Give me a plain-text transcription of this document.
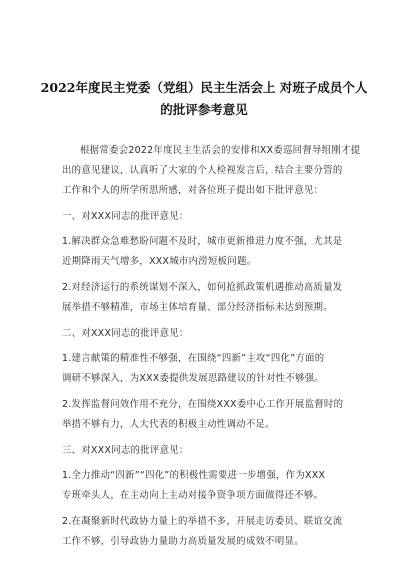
2022年度民主党委（党组）民主生活会上 对班子成员个人
的批评参考意见
根据常委会2022年度民主生活会的安排和XX委巡回督导组刚才提
出的意见建议，认真听了大家的个人检视发言后，结合主要分管的
工作和个人的所学所思所感，对各位班子提出如下批评意见：
一、对XXX同志的批评意见：
1.解决群众急难愁盼问题不及时，城市更新推进力度不强，尤其是
近期降雨天气增多，XXX城市内涝短板问题。
2.对经济运行的系统谋划不深入，如何抢抓政策机遇推动高质量发
展举措不够精准，市场主体培育量、部分经济指标未达到预期。
二、对XXX同志的批评意见：
1.建言献策的精准性不够强，在围绕“四新”主攻“四化”方面的
调研不够深入，为XXX委提供发展思路建议的针对性不够强。
2.发挥监督问效作用不充分，在围绕XXX委中心工作开展监督时的
举措不够有力，人大代表的积极主动性调动不足。
三、对XXX同志的批评意见：
1.全力推动“四新”“四化”的积极性需要进一步增强，作为XXX
专班牵头人，在主动向上主动对接争资争项方面做得还不够。
2.在凝聚新时代政协力量上的举措不多，开展走访委员、联谊交流
工作不够，引导政协力量助力高质量发展的成效不明显。
